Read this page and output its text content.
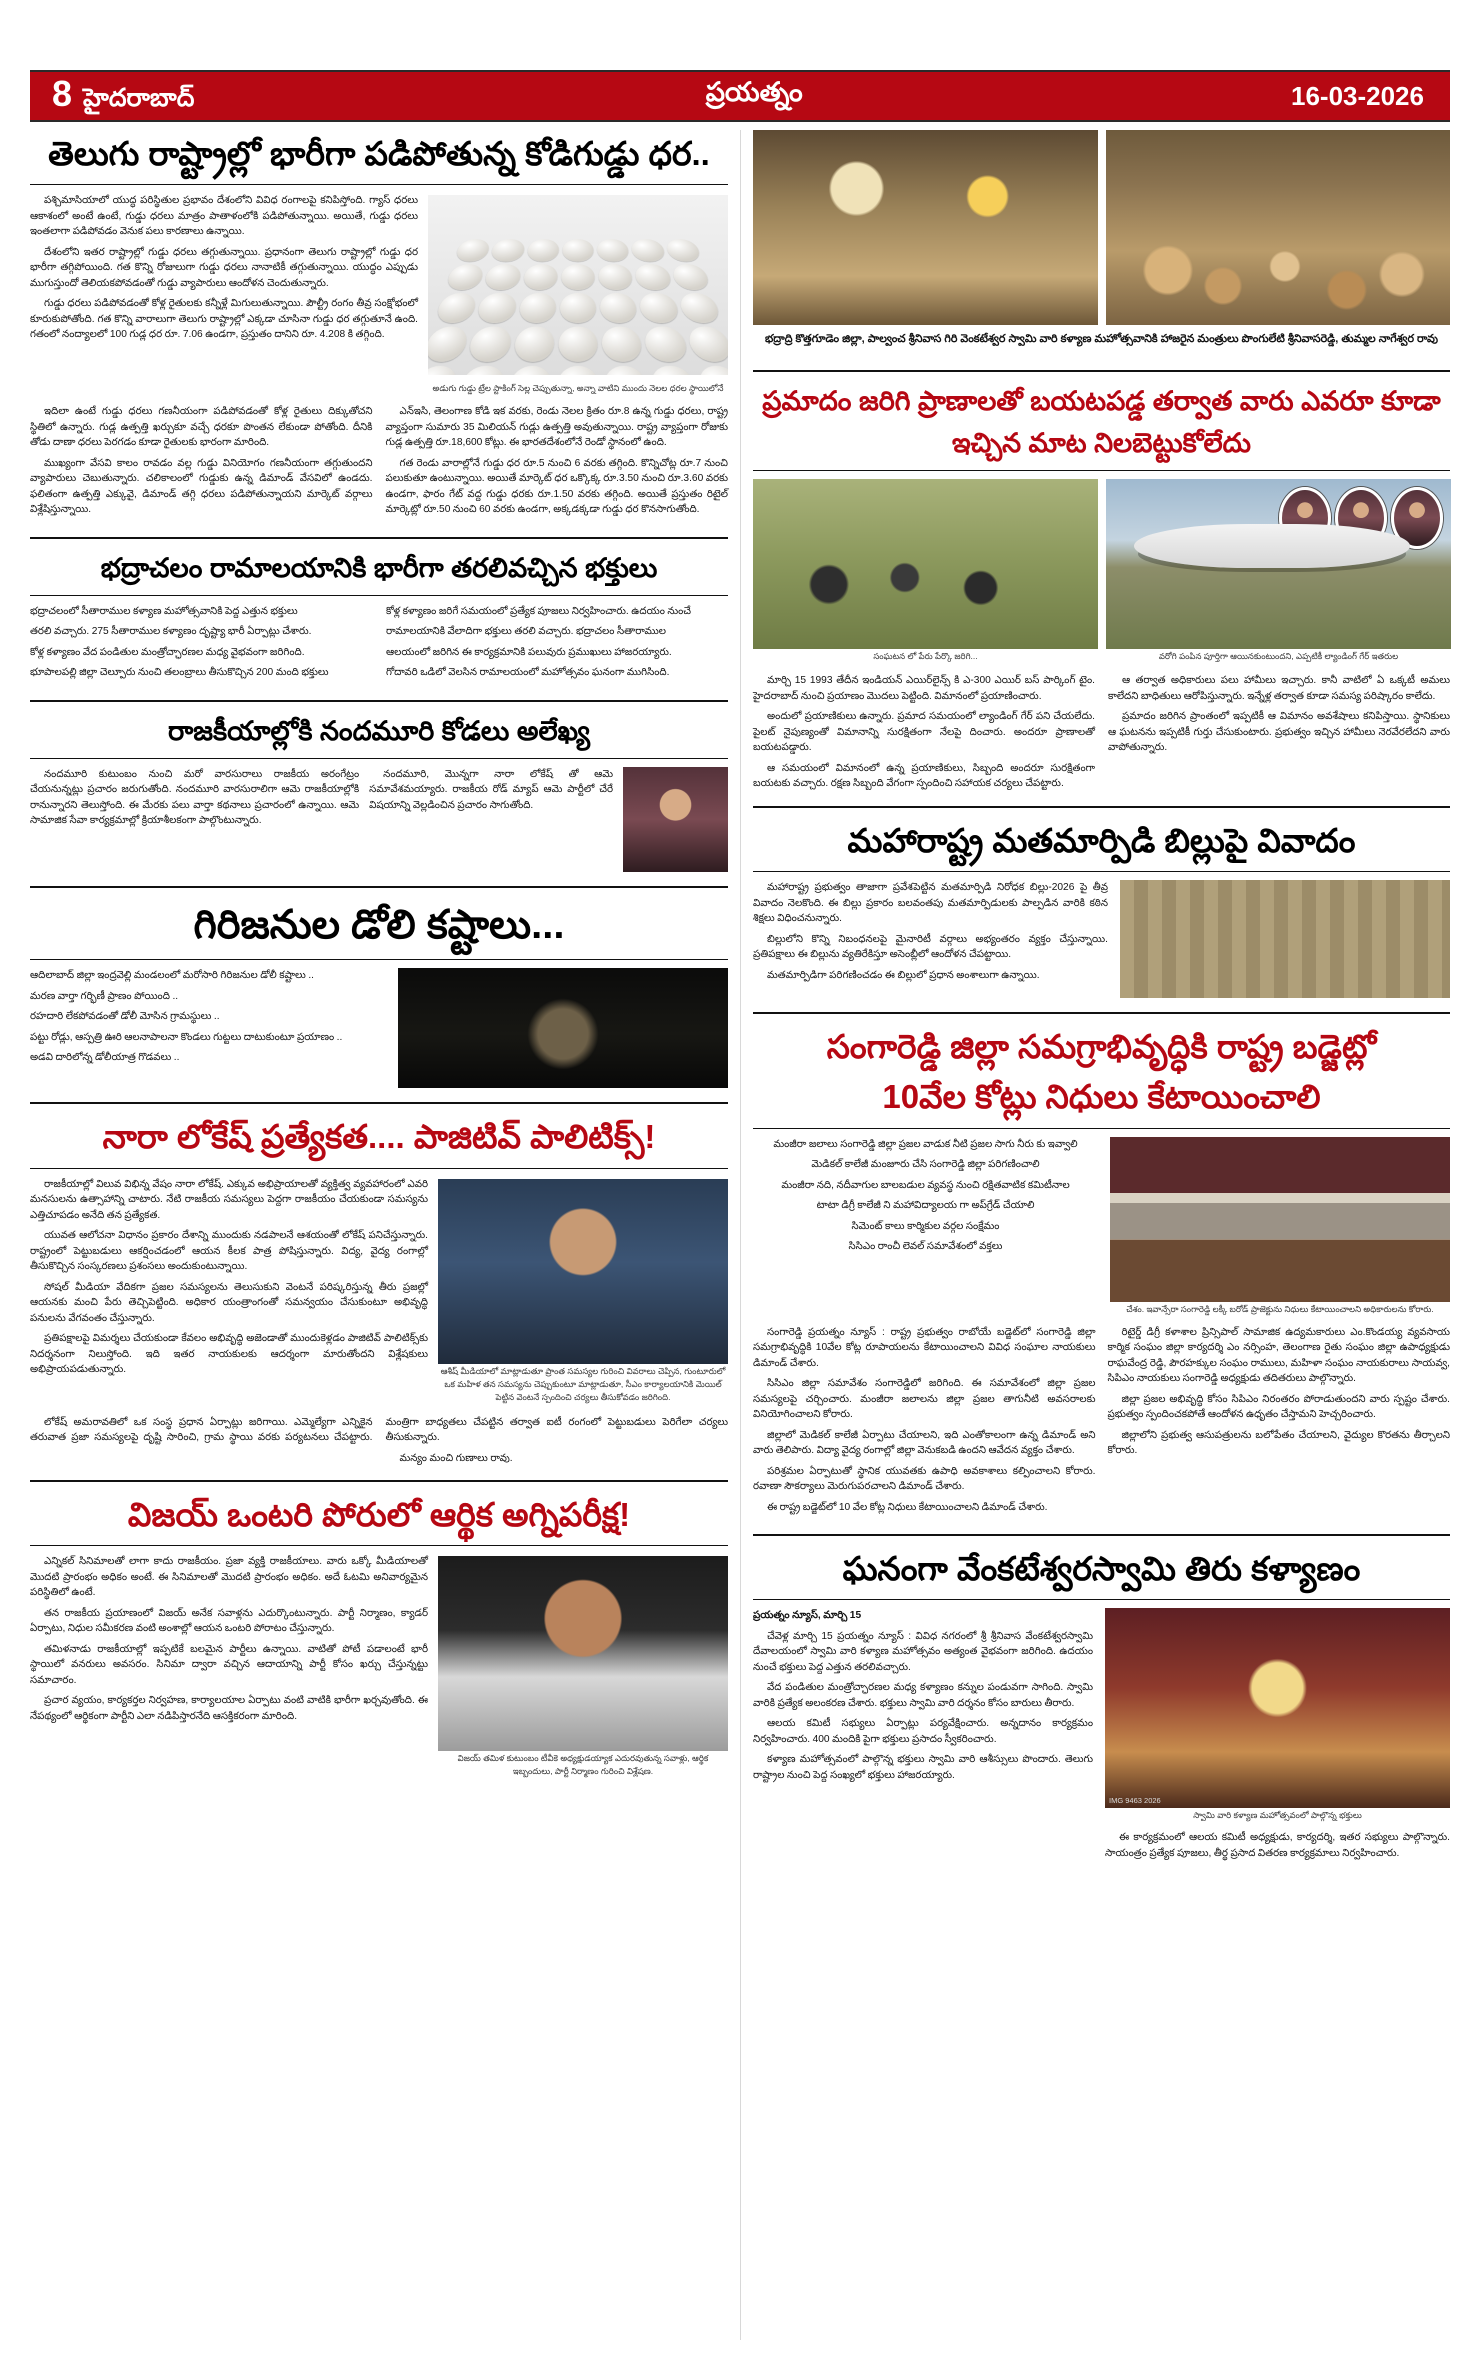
8 హైదరాబాద్	ప్రయత్నం	16-03-2026
తెలుగు రాష్ట్రాల్లో భారీగా పడిపోతున్న కోడిగుడ్డు ధర..

పశ్చిమాసియాలో యుద్ధ పరిస్థితుల ప్రభావం దేశంలోని వివిధ రంగాలపై కనిపిస్తోంది. గ్యాస్ ధరలు ఆకాశంలో అంటే ఉంటే, గుడ్డు ధరలు మాత్రం పాతాళంలోకి పడిపోతున్నాయి. అయితే, గుడ్డు ధరలు ఇంతలాగా పడిపోవడం వెనుక పలు కారణాలు ఉన్నాయి.

దేశంలోని ఇతర రాష్ట్రాల్లో గుడ్డు ధరలు తగ్గుతున్నాయి. ప్రధానంగా తెలుగు రాష్ట్రాల్లో గుడ్డు ధర భారీగా తగ్గిపోయింది. గత కొన్ని రోజులుగా గుడ్డు ధరలు నానాటికీ తగ్గుతున్నాయి. యుద్ధం ఎప్పుడు ముగుస్తుందో తెలియకపోవడంతో గుడ్డు వ్యాపారులు ఆందోళన చెందుతున్నారు.

గుడ్డు ధరలు పడిపోవడంతో కోళ్ల రైతులకు కన్నీళ్లే మిగులుతున్నాయి. పౌల్ట్రీ రంగం తీవ్ర సంక్షోభంలో కూరుకుపోతోంది. గత కొన్ని వారాలుగా తెలుగు రాష్ట్రాల్లో ఎక్కడా చూసినా గుడ్డు ధర తగ్గుతూనే ఉంది. గతంలో నంద్యాలలో 100 గుడ్ల ధర రూ. 7.06 ఉండగా, ప్రస్తుతం దానిని రూ. 4.208 కి తగ్గింది.

అడుగు గుడ్డు ట్రేల స్టాకింగ్ సెల్ల చెప్పుతున్నా, అన్నా వాటిని ముందు నెలల ధరల స్థాయిలోనే

ఇదిలా ఉంటే గుడ్డు ధరలు గణనీయంగా పడిపోవడంతో కోళ్ల రైతులు దిక్కుతోచని స్థితిలో ఉన్నారు. గుడ్ల ఉత్పత్తి ఖర్చుకూ వచ్చే ధరకూ పొంతన లేకుండా పోతోంది. దీనికి తోడు దాణా ధరలు పెరగడం కూడా రైతులకు భారంగా మారింది.

ముఖ్యంగా వేసవి కాలం రావడం వల్ల గుడ్డు వినియోగం గణనీయంగా తగ్గుతుందని వ్యాపారులు చెబుతున్నారు. చలికాలంలో గుడ్డుకు ఉన్న డిమాండ్ వేసవిలో ఉండదు. ఫలితంగా ఉత్పత్తి ఎక్కువై, డిమాండ్ తగ్గి ధరలు పడిపోతున్నాయని మార్కెట్ వర్గాలు విశ్లేషిస్తున్నాయి.

ఎన్‌ఇసి, తెలంగాణ కోడి ఇక వరకు, రెండు నెలల క్రితం రూ.8 ఉన్న గుడ్డు ధరలు, రాష్ట్ర వ్యాప్తంగా సుమారు 35 మిలియన్ గుడ్లు ఉత్పత్తి అవుతున్నాయి. రాష్ట్ర వ్యాప్తంగా రోజుకు గుడ్ల ఉత్పత్తి రూ.18,600 కోట్లు. ఈ భారతదేశంలోనే రెండో స్థానంలో ఉంది.

గత రెండు వారాల్లోనే గుడ్డు ధర రూ.5 నుంచి 6 వరకు తగ్గింది. కొన్నిచోట్ల రూ.7 నుంచి పలుకుతూ ఉంటున్నాయి. అయితే మార్కెట్ ధర ఒక్కొక్క రూ.3.50 నుంచి రూ.3.60 వరకు ఉండగా, ఫారం గేట్ వద్ద గుడ్డు ధరకు రూ.1.50 వరకు తగ్గింది. అయితే ప్రస్తుతం రిటైల్ మార్కెట్లో రూ.50 నుంచి 60 వరకు ఉండగా, అక్కడక్కడా గుడ్డు ధర కొనసాగుతోంది.

భద్రాచలం రామాలయానికి భారీగా తరలివచ్చిన భక్తులు

భద్రాచలంలో సీతారాముల కళ్యాణ మహోత్సవానికి పెద్ద ఎత్తున భక్తులు

తరలి వచ్చారు. 275 సీతారాముల కళ్యాణం దృష్ట్యా భారీ ఏర్పాట్లు చేశారు.

కోళ్ల కళ్యాణం వేద పండితుల మంత్రోచ్ఛారణల మధ్య వైభవంగా జరిగింది.

భూపాలపల్లి జిల్లా చెల్పూరు నుంచి తలంబ్రాలు తీసుకొచ్చిన 200 మంది భక్తులు

కోళ్ల కళ్యాణం జరిగే సమయంలో ప్రత్యేక పూజలు నిర్వహించారు. ఉదయం నుంచే

రామాలయానికి వేలాదిగా భక్తులు తరలి వచ్చారు. భద్రాచలం సీతారాముల

ఆలయంలో జరిగిన ఈ కార్యక్రమానికి పలువురు ప్రముఖులు హాజరయ్యారు.

గోదావరి ఒడిలో వెలసిన రామాలయంలో మహోత్సవం ఘనంగా ముగిసింది.

రాజకీయాల్లోకి నందమూరి కోడలు అలేఖ్య

నందమూరి కుటుంబం నుంచి మరో వారసురాలు రాజకీయ అరంగేట్రం చేయనున్నట్లు ప్రచారం జరుగుతోంది. నందమూరి వారసురాలిగా ఆమె రాజకీయాల్లోకి రానున్నారని తెలుస్తోంది. ఈ మేరకు పలు వార్తా కథనాలు ప్రచారంలో ఉన్నాయి. ఆమె సామాజిక సేవా కార్యక్రమాల్లో క్రియాశీలకంగా పాల్గొంటున్నారు.

నందమూరి, మొన్నగా నారా లోకేష్ తో ఆమె సమావేశమయ్యారు. రాజకీయ రోడ్ మ్యాప్ ఆమె పార్టీలో చేరే విషయాన్ని వెల్లడించిన ప్రచారం సాగుతోంది.

గిరిజనుల డోలి కష్టాలు...

ఆదిలాబాద్ జిల్లా ఇంద్రవెల్లి మండలంలో మరోసారి గిరిజనుల డోలీ కష్టాలు ..

మరణ వార్తా గర్భిణీ ప్రాణం పోయింది ..

రహదారి లేకపోవడంతో డోలీ మోసిన గ్రామస్థులు ..

పట్టు రోడ్లు, ఆస్పత్రి ఊరి ఆలనాపాలనా కొండలు గుట్టలు దాటుకుంటూ ప్రయాణం ..

అడవి దారిలోన్న డోలీయాత్ర గొడవలు ..

నారా లోకేష్ ప్రత్యేకత.... పాజిటివ్ పాలిటిక్స్!
ఆశీష్ మీడియాలో మాట్లాడుతూ ప్రాంత సమస్యల గురించి వివరాలు చెప్పిన, గుంటూరులో ఒక మహిళ తన సమస్యను చెప్పుకుంటూ మాట్లాడుతూ, సీఎం కార్యాలయానికి మెయిల్ పెట్టిన వెంటనే స్పందించి చర్యలు తీసుకోవడం జరిగింది.

రాజకీయాల్లో విలువ విభిన్న వేషం నారా లోకేష్. ఎక్కువ అభిప్రాయాలతో వ్యక్తిత్వ వ్యవహారంలో ఎవరి మనసులను ఉత్సాహాన్ని చాటారు. నేటి రాజకీయ సమస్యలు పెద్దగా రాజకీయం చేయకుండా సమస్యను ఎత్తిచూపడం అనేది తన ప్రత్యేకత.

యువత ఆలోచనా విధానం ప్రకారం దేశాన్ని ముందుకు నడపాలనే ఆశయంతో లోకేష్ పనిచేస్తున్నారు. రాష్ట్రంలో పెట్టుబడులు ఆకర్షించడంలో ఆయన కీలక పాత్ర పోషిస్తున్నారు. విద్య, వైద్య రంగాల్లో తీసుకొచ్చిన సంస్కరణలు ప్రశంసలు అందుకుంటున్నాయి.

సోషల్ మీడియా వేదికగా ప్రజల సమస్యలను తెలుసుకుని వెంటనే పరిష్కరిస్తున్న తీరు ప్రజల్లో ఆయనకు మంచి పేరు తెచ్చిపెట్టింది. అధికార యంత్రాంగంతో సమన్వయం చేసుకుంటూ అభివృద్ధి పనులను వేగవంతం చేస్తున్నారు.

ప్రతిపక్షాలపై విమర్శలు చేయకుండా కేవలం అభివృద్ధి అజెండాతో ముందుకెళ్లడం పాజిటివ్ పాలిటిక్స్‌కు నిదర్శనంగా నిలుస్తోంది. ఇది ఇతర నాయకులకు ఆదర్శంగా మారుతోందని విశ్లేషకులు అభిప్రాయపడుతున్నారు.

లోకేష్ అమరావతిలో ఒక సంస్థ ప్రధాన ఏర్పాట్లు జరిగాయి. ఎమ్మెల్యేగా ఎన్నికైన తరువాత ప్రజా సమస్యలపై దృష్టి సారించి, గ్రామ స్థాయి వరకు పర్యటనలు చేపట్టారు. మంత్రిగా బాధ్యతలు చేపట్టిన తర్వాత ఐటీ రంగంలో పెట్టుబడులు పెరిగేలా చర్యలు తీసుకున్నారు.

మన్యం మంచి గుణాలు రావు.

విజయ్ ఒంటరి పోరులో ఆర్థిక అగ్నిపరీక్ష!
విజయ్ తమిళ కుటుంబం టీవీకె అధ్యక్షుడయ్యాక ఎదురవుతున్న సవాళ్లు, ఆర్థిక ఇబ్బందులు, పార్టీ నిర్మాణం గురించి విశ్లేషణ.

ఎన్నికల్ సినిమాలతో లాగా కాదు రాజకీయం. ప్రజా వ్యక్తి రాజకీయాలు. వారు ఒక్కో మీడియాలతో మొదటి ప్రారంభం అధికం అంటే. ఈ సినిమాలతో మొదటి ప్రారంభం అధికం. అదే ఓటమి అనివార్యమైన పరిస్థితిలో ఉంటే.

తన రాజకీయ ప్రయాణంలో విజయ్ అనేక సవాళ్లను ఎదుర్కొంటున్నారు. పార్టీ నిర్మాణం, క్యాడర్ ఏర్పాటు, నిధుల సమీకరణ వంటి అంశాల్లో ఆయన ఒంటరి పోరాటం చేస్తున్నారు.

తమిళనాడు రాజకీయాల్లో ఇప్పటికే బలమైన పార్టీలు ఉన్నాయి. వాటితో పోటీ పడాలంటే భారీ స్థాయిలో వనరులు అవసరం. సినిమా ద్వారా వచ్చిన ఆదాయాన్ని పార్టీ కోసం ఖర్చు చేస్తున్నట్టు సమాచారం.

ప్రచార వ్యయం, కార్యకర్తల నిర్వహణ, కార్యాలయాల ఏర్పాటు వంటి వాటికి భారీగా ఖర్చవుతోంది. ఈ నేపథ్యంలో ఆర్థికంగా పార్టీని ఎలా నడిపిస్తారనేది ఆసక్తికరంగా మారింది.

భద్రాద్రి కొత్తగూడెం జిల్లా, పాల్వంచ శ్రీనివాస గిరి వెంకటేశ్వర స్వామి వారి కళ్యాణ మహోత్సవానికి హాజరైన మంత్రులు పొంగులేటి శ్రీనివాసరెడ్డి, తుమ్మల నాగేశ్వర రావు
ప్రమాదం జరిగి ప్రాణాలతో బయటపడ్డ తర్వాత వారు ఎవరూ కూడా
ఇచ్చిన మాట నిలబెట్టుకోలేదు
సంఘటన లో పేరు పేర్కొ జరిగి...	వరోగి పంపిన పూర్తిగా ఆయినకుంటుందని, ఎప్పటికీ ల్యాండింగ్ గేర్ ఇతరుల

మార్చి 15 1993 తేదీన ఇండియన్ ఎయిర్‌లైన్స్ కి ఎ-300 ఎయిర్ బస్ పార్కింగ్ టైం. హైదరాబాద్ నుంచి ప్రయాణం మొదలు పెట్టింది. విమానంలో ప్రయాణించారు.

అందులో ప్రయాణికులు ఉన్నారు. ప్రమాద సమయంలో ల్యాండింగ్ గేర్ పని చేయలేదు. పైలట్ నైపుణ్యంతో విమానాన్ని సురక్షితంగా నేలపై దించారు. అందరూ ప్రాణాలతో బయటపడ్డారు.

ఆ సమయంలో విమానంలో ఉన్న ప్రయాణికులు, సిబ్బంది అందరూ సురక్షితంగా బయటకు వచ్చారు. రక్షణ సిబ్బంది వేగంగా స్పందించి సహాయక చర్యలు చేపట్టారు.

ఆ తర్వాత అధికారులు పలు హామీలు ఇచ్చారు. కానీ వాటిలో ఏ ఒక్కటీ అమలు కాలేదని బాధితులు ఆరోపిస్తున్నారు. ఇన్నేళ్ల తర్వాత కూడా సమస్య పరిష్కారం కాలేదు.

ప్రమాదం జరిగిన ప్రాంతంలో ఇప్పటికీ ఆ విమానం అవశేషాలు కనిపిస్తాయి. స్థానికులు ఆ ఘటనను ఇప్పటికీ గుర్తు చేసుకుంటారు. ప్రభుత్వం ఇచ్చిన హామీలు నెరవేరలేదని వారు వాపోతున్నారు.

మహారాష్ట్ర మతమార్పిడి బిల్లుపై వివాదం

మహారాష్ట్ర ప్రభుత్వం తాజాగా ప్రవేశపెట్టిన మతమార్పిడి నిరోధక బిల్లు-2026 పై తీవ్ర వివాదం నెలకొంది. ఈ బిల్లు ప్రకారం బలవంతపు మతమార్పిడులకు పాల్పడిన వారికి కఠిన శిక్షలు విధించనున్నారు.

బిల్లులోని కొన్ని నిబంధనలపై మైనారిటీ వర్గాలు అభ్యంతరం వ్యక్తం చేస్తున్నాయి. ప్రతిపక్షాలు ఈ బిల్లును వ్యతిరేకిస్తూ అసెంబ్లీలో ఆందోళన చేపట్టాయి.

మతమార్పిడిగా పరిగణించడం ఈ బిల్లులో ప్రధాన అంశాలుగా ఉన్నాయి.

సంగారెడ్డి జిల్లా సమగ్రాభివృద్ధికి రాష్ట్ర బడ్జెట్లో
10వేల కోట్లు నిధులు కేటాయించాలి

మంజీరా జలాలు సంగారెడ్డి జిల్లా ప్రజల వాడుక నీటి ప్రజల సాగు నీరు కు ఇవ్వాలి

మెడికల్ కాలేజీ మంజూరు చేసి సంగారెడ్డి జిల్లా పరిగణించాలి

మంజీరా నది, నదీవాగుల బాలబడుల వ్యవస్థ నుంచి రక్షితవాటిక కమిటీనాల

టాటా డిగ్రీ కాలేజీ ని మహావిద్యాలయ గా అప్‌గ్రేడ్ చేయాలి

సిమెంట్ కాలు కార్మికుల వర్గల సంక్షేమం

సిసిఎం రాంచీ లెవల్ సమావేశంలో వక్తలు

చేశం. ఇవాన్సేరా సంగారెడ్డి లక్కీ బరోడ్ ప్రాజెక్టును నిధులు కేటాయించాలని అధికారులను కోరారు.

సంగారెడ్డి ప్రయత్నం న్యూస్ : రాష్ట్ర ప్రభుత్వం రాబోయే బడ్జెట్‌లో సంగారెడ్డి జిల్లా సమగ్రాభివృద్ధికి 10వేల కోట్ల రూపాయలను కేటాయించాలని వివిధ సంఘాల నాయకులు డిమాండ్ చేశారు.

సిసిఎం జిల్లా సమావేశం సంగారెడ్డిలో జరిగింది. ఈ సమావేశంలో జిల్లా ప్రజల సమస్యలపై చర్చించారు. మంజీరా జలాలను జిల్లా ప్రజల తాగునీటి అవసరాలకు వినియోగించాలని కోరారు.

జిల్లాలో మెడికల్ కాలేజీ ఏర్పాటు చేయాలని, ఇది ఎంతోకాలంగా ఉన్న డిమాండ్ అని వారు తెలిపారు. విద్యా వైద్య రంగాల్లో జిల్లా వెనుకబడి ఉందని ఆవేదన వ్యక్తం చేశారు.

పరిశ్రమల ఏర్పాటుతో స్థానిక యువతకు ఉపాధి అవకాశాలు కల్పించాలని కోరారు. రవాణా సౌకర్యాలు మెరుగుపరచాలని డిమాండ్ చేశారు.

ఈ రాష్ట్ర బడ్జెట్‌లో 10 వేల కోట్ల నిధులు కేటాయించాలని డిమాండ్ చేశారు.

రిటైర్డ్ డిగ్రీ కళాశాల ప్రిన్సిపాల్ సామాజిక ఉద్యమకారులు ఎం.కొండయ్య వ్యవసాయ కార్మిక సంఘం జిల్లా కార్యదర్శి ఎం నర్సింహ, తెలంగాణ రైతు సంఘం జిల్లా ఉపాధ్యక్షుడు రాఘవేంద్ర రెడ్డి, పౌరహక్కుల సంఘం రాములు, మహిళా సంఘం నాయకురాలు సాయవ్వ, సిపిఎం నాయకులు సంగారెడ్డి అధ్యక్షుడు తదితరులు పాల్గొన్నారు.

జిల్లా ప్రజల అభివృద్ధి కోసం సిపిఎం నిరంతరం పోరాడుతుందని వారు స్పష్టం చేశారు. ప్రభుత్వం స్పందించకపోతే ఆందోళన ఉధృతం చేస్తామని హెచ్చరించారు.

జిల్లాలోని ప్రభుత్వ ఆసుపత్రులను బలోపేతం చేయాలని, వైద్యుల కొరతను తీర్చాలని కోరారు.

ఘనంగా వేంకటేశ్వరస్వామి తిరు కళ్యాణం

ప్రయత్నం న్యూస్, మార్చి 15

చేవెళ్ల మార్చి 15 ప్రయత్నం న్యూస్ : వివిధ నగరంలో శ్రీ శ్రీనివాస వేంకటేశ్వరస్వామి దేవాలయంలో స్వామి వారి కళ్యాణ మహోత్సవం అత్యంత వైభవంగా జరిగింది. ఉదయం నుంచే భక్తులు పెద్ద ఎత్తున తరలివచ్చారు.

వేద పండితుల మంత్రోచ్ఛారణల మధ్య కళ్యాణం కన్నుల పండువగా సాగింది. స్వామి వారికి ప్రత్యేక అలంకరణ చేశారు. భక్తులు స్వామి వారి దర్శనం కోసం బారులు తీరారు.

ఆలయ కమిటీ సభ్యులు ఏర్పాట్లు పర్యవేక్షించారు. అన్నదానం కార్యక్రమం నిర్వహించారు. 400 మందికి పైగా భక్తులు ప్రసాదం స్వీకరించారు.

కళ్యాణ మహోత్సవంలో పాల్గొన్న భక్తులు స్వామి వారి ఆశీస్సులు పొందారు. తెలుగు రాష్ట్రాల నుంచి పెద్ద సంఖ్యలో భక్తులు హాజరయ్యారు.

IMG 9463 2026
స్వామి వారి కళ్యాణ మహోత్సవంలో పాల్గొన్న భక్తులు

ఈ కార్యక్రమంలో ఆలయ కమిటీ అధ్యక్షుడు, కార్యదర్శి, ఇతర సభ్యులు పాల్గొన్నారు. సాయంత్రం ప్రత్యేక పూజలు, తీర్థ ప్రసాద వితరణ కార్యక్రమాలు నిర్వహించారు.
